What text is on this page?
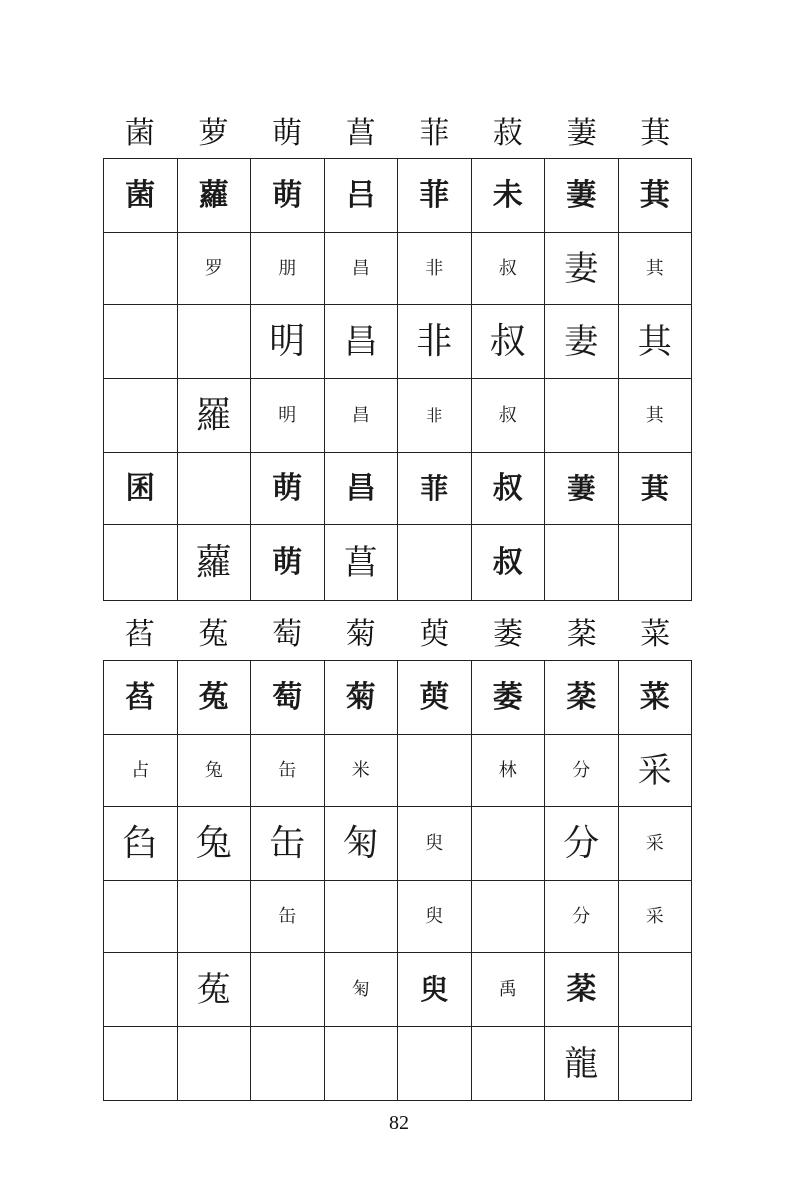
菌	萝	萌	菖	菲	菽	萋	萁
菌	蘿	萌	吕	菲	未	萋	萁
	罗	朋	昌	非	叔	妻	其
		明	昌	非	叔	妻	其
	羅	明	昌	非	叔		其
囷		萌	昌	菲	叔	萋	萁
	蘿	萌	菖		叔		
萏	菟	萄	菊	萸	萎	棻	菜
萏	菟	萄	菊	萸	萎	棻	菜
占	兔	缶	米		林	分	采
臽	兔	缶	匊	臾		分	采
		缶		臾		分	采
	菟		匊	臾	禹	棻	
						龍	
82
